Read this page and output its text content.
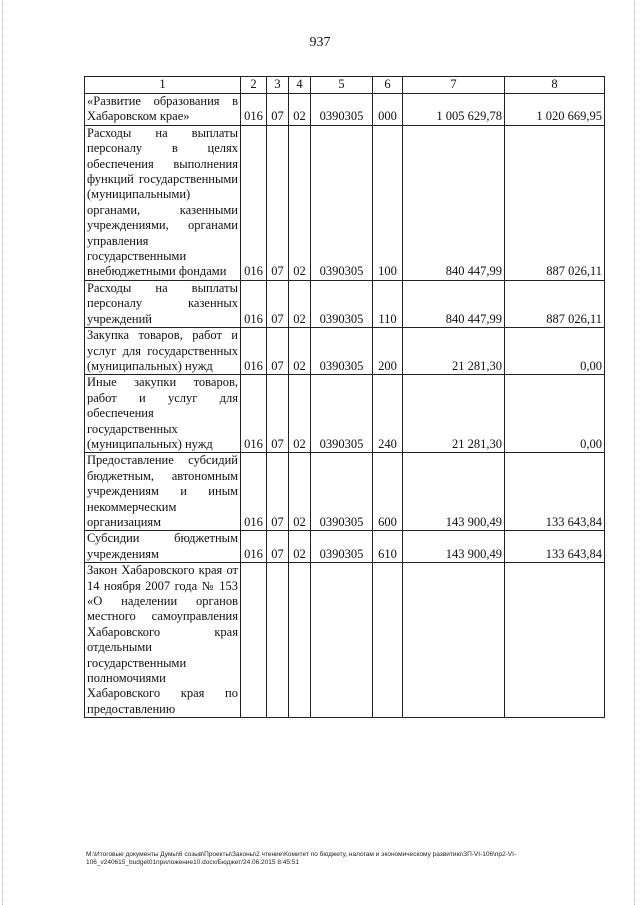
937
1	2	3	4	5	6	7	8
«Развитие образования в Хабаровском крае»	016	07	02	0390305	000	1 005 629,78	1 020 669,95
Расходы на выплаты персоналу в целях обеспечения выполнения функций государственными (муниципальными) органами, казенными учреждениями, органами управления государственными внебюджетными фондами	016	07	02	0390305	100	840 447,99	887 026,11
Расходы на выплаты персоналу казенных учреждений	016	07	02	0390305	110	840 447,99	887 026,11
Закупка товаров, работ и услуг для государственных (муниципальных) нужд	016	07	02	0390305	200	21 281,30	0,00
Иные закупки товаров, работ и услуг для обеспечения государственных (муниципальных) нужд	016	07	02	0390305	240	21 281,30	0,00
Предоставление субсидий бюджетным, автономным учреждениям и иным некоммерческим организациям	016	07	02	0390305	600	143 900,49	133 643,84
Субсидии бюджетным учреждениям	016	07	02	0390305	610	143 900,49	133 643,84
Закон Хабаровского края от 14 ноября 2007 года № 153 «О наделении органов местного самоуправления Хабаровского края отдельными государственными полномочиями Хабаровского края по предоставлению							
М:\Итоговые документы Думы\6 созыв\Проекты\Законы\2 чтение\Комитет по бюджету, налогам и экономическому развитию\ЗП-VI-106\пр2-VI-
106_v240615_budget01приложение10.docx/Бюджет/24.06.2015 8:45:51
